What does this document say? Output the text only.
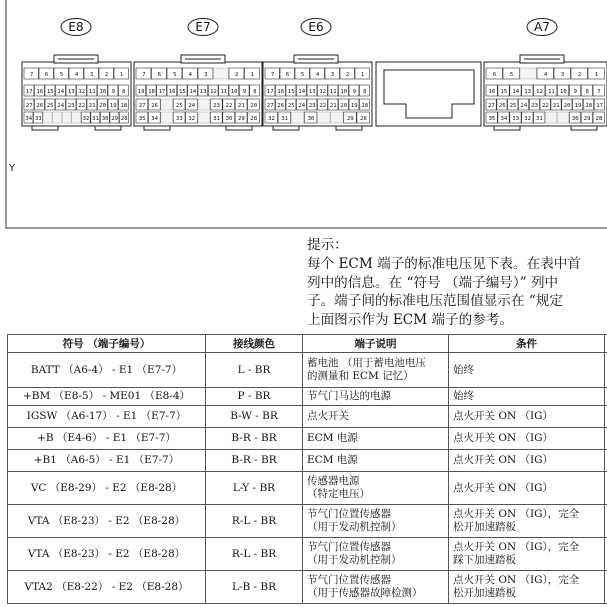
E8
7 6 5 4 3 2 1
17 16 15 14 13 12 11 10 9 8
27 26 25 24 23 22 21 20 19 18
34 33	32 31 30 29 28
E7
7 6 5 4 3	2 1
19 18 17 16 15 14 13 12 11 10 9 8
27 26	25 24	23 22 21 20
35 34	33 32	31 30 29 28
E6
7 6 5 4 3 2 1
17 16 15 14 13 12 11 10 9 8
27 26 25 24 23 22 21 20 19 18
32 31	30	29 28
A7
6 5	4 3 2 1
16 15 14 13 12 11 10 9 8 7
27 26 25 24 23 22 21 20 19 18 17
35 34 33 32 31	30 29 28
Y
提示：
每个 ECM 端子的标准电压见下表。在表中首
列中的信息。在 “符号 （端子编号）” 列中
子。端子间的标准电压范围值显示在 “规定
上面图示作为 ECM 端子的参考。
符号 （端子编号）	接线颜色	端子说明	条件	
BATT （A6-4） - E1 （E7-7）	L - BR	蓄电池 （用于蓄电池电压
的测量和 ECM 记忆）	始终	
+BM （E8-5） - ME01 （E8-4）	P - BR	节气门马达的电源	始终	
IGSW （A6-17） - E1 （E7-7）	B-W - BR	点火开关	点火开关 ON （IG）	
+B （E4-6） - E1 （E7-7）	B-R - BR	ECM 电源	点火开关 ON （IG）	
+B1 （A6-5） - E1 （E7-7）	B-R - BR	ECM 电源	点火开关 ON （IG）	
VC （E8-29） - E2 （E8-28）	L-Y - BR	传感器电源
（特定电压）	点火开关 ON （IG）	
VTA （E8-23） - E2 （E8-28）	R-L - BR	节气门位置传感器
（用于发动机控制）	点火开关 ON （IG），完全
松开加速踏板	
VTA （E8-23） - E2 （E8-28）	R-L - BR	节气门位置传感器
（用于发动机控制）	点火开关 ON （IG），完全
踩下加速踏板	
VTA2 （E8-22） - E2 （E8-28）	L-B - BR	节气门位置传感器
（用于传感器故障检测）	点火开关 ON （IG），完全
松开加速踏板	
